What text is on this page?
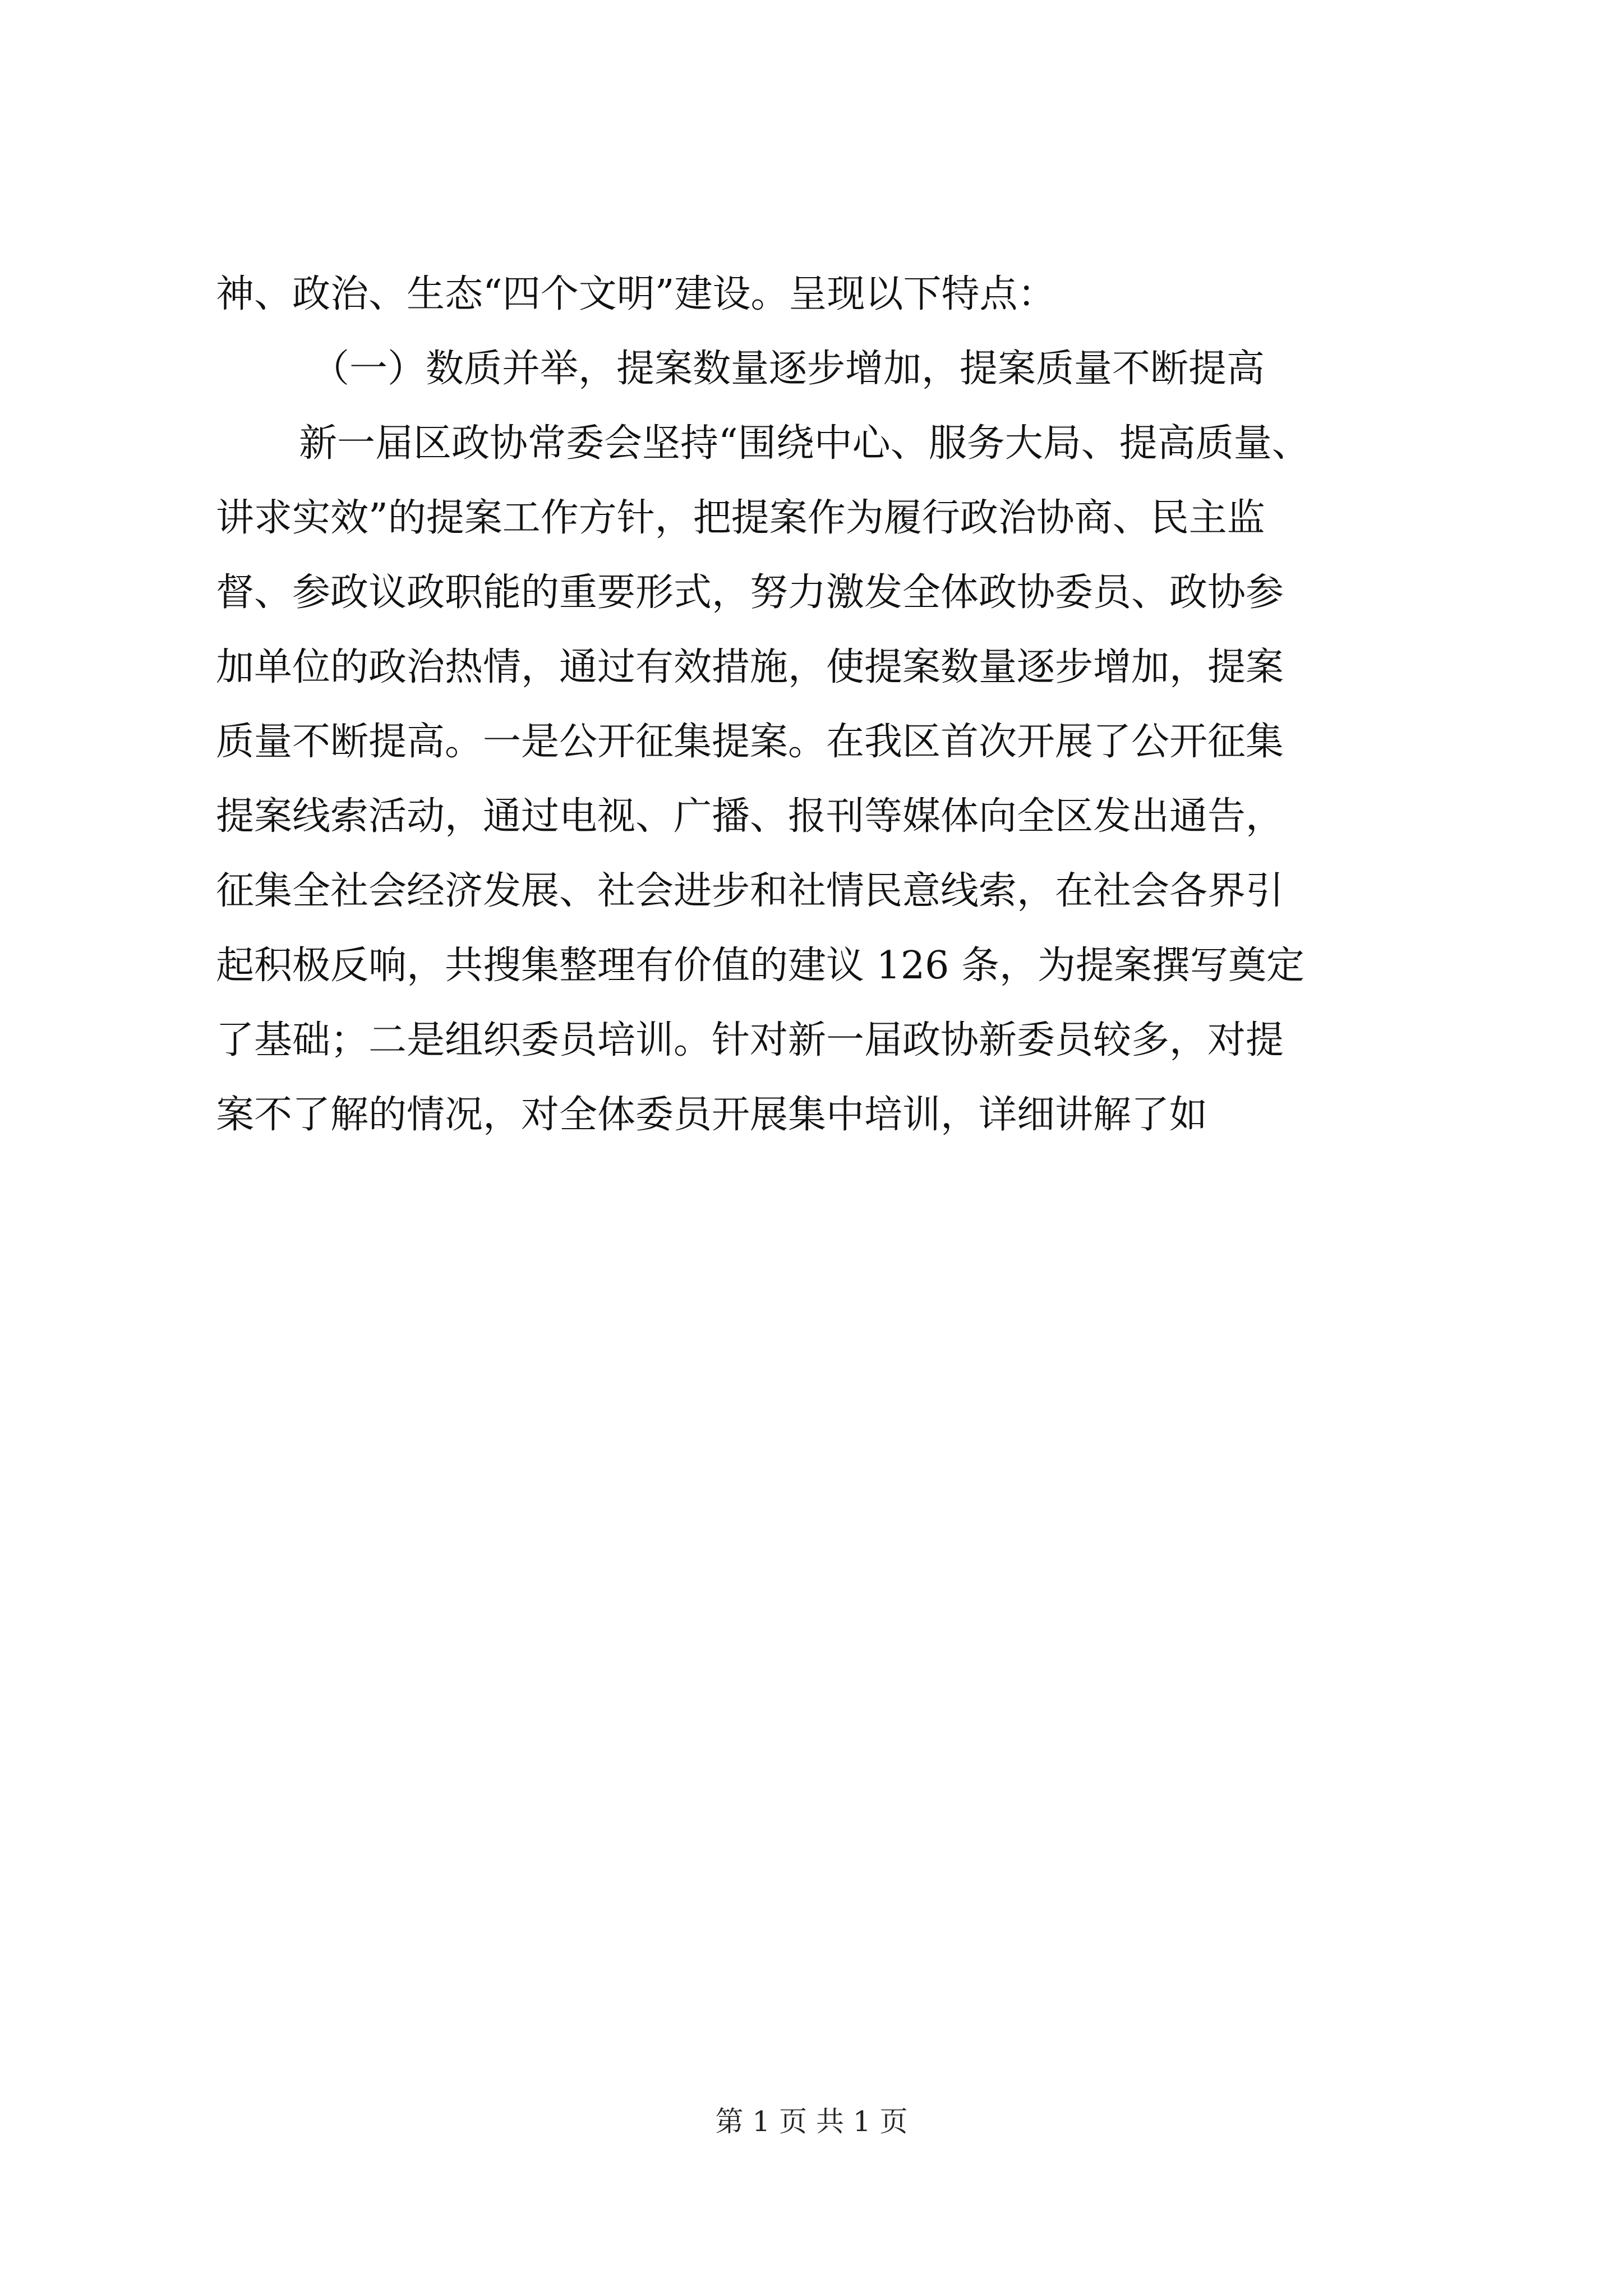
神、政治、生态“四个文明”建设。呈现以下特点：
（一）数质并举，提案数量逐步增加，提案质量不断提高
新一届区政协常委会坚持“围绕中心、服务大局、提高质量、
讲求实效”的提案工作方针，把提案作为履行政治协商、民主监
督、参政议政职能的重要形式，努力激发全体政协委员、政协参
加单位的政治热情，通过有效措施，使提案数量逐步增加，提案
质量不断提高。一是公开征集提案。在我区首次开展了公开征集
提案线索活动，通过电视、广播、报刊等媒体向全区发出通告，
征集全社会经济发展、社会进步和社情民意线索，在社会各界引
起积极反响，共搜集整理有价值的建议 126 条，为提案撰写奠定
了基础；二是组织委员培训。针对新一届政协新委员较多，对提
案不了解的情况，对全体委员开展集中培训，详细讲解了如
第 1 页 共 1 页
